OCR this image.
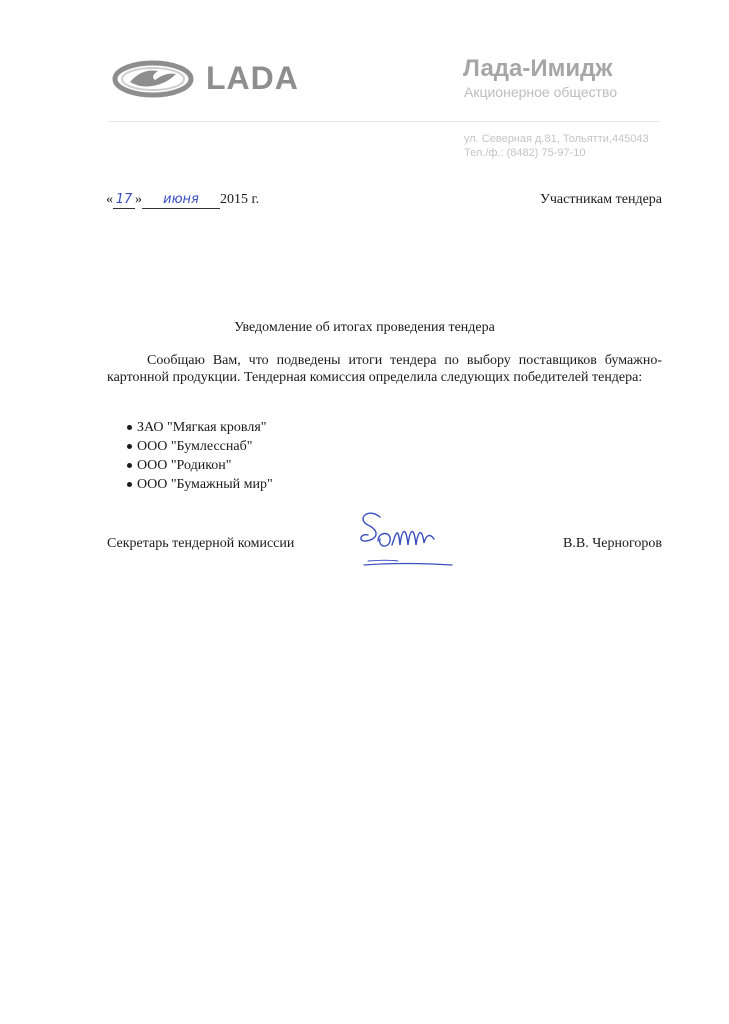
LADA	Лада-Имидж
Акционерное общество
ул. Северная д.81, Тольятти,445043
Тел./ф.: (8482) 75-97-10
« 17 » июня 2015 г.	Участникам тендера
Уведомление об итогах проведения тендера

Сообщаю Вам, что подведены итоги тендера по выбору поставщиков бумажно-картонной продукции. Тендерная комиссия определила следующих победителей тендера:

ЗАО "Мягкая кровля"
ООО "Бумлесснаб"
ООО "Родикон"
ООО "Бумажный мир"
Секретарь тендерной комиссии	В.В. Черногоров
